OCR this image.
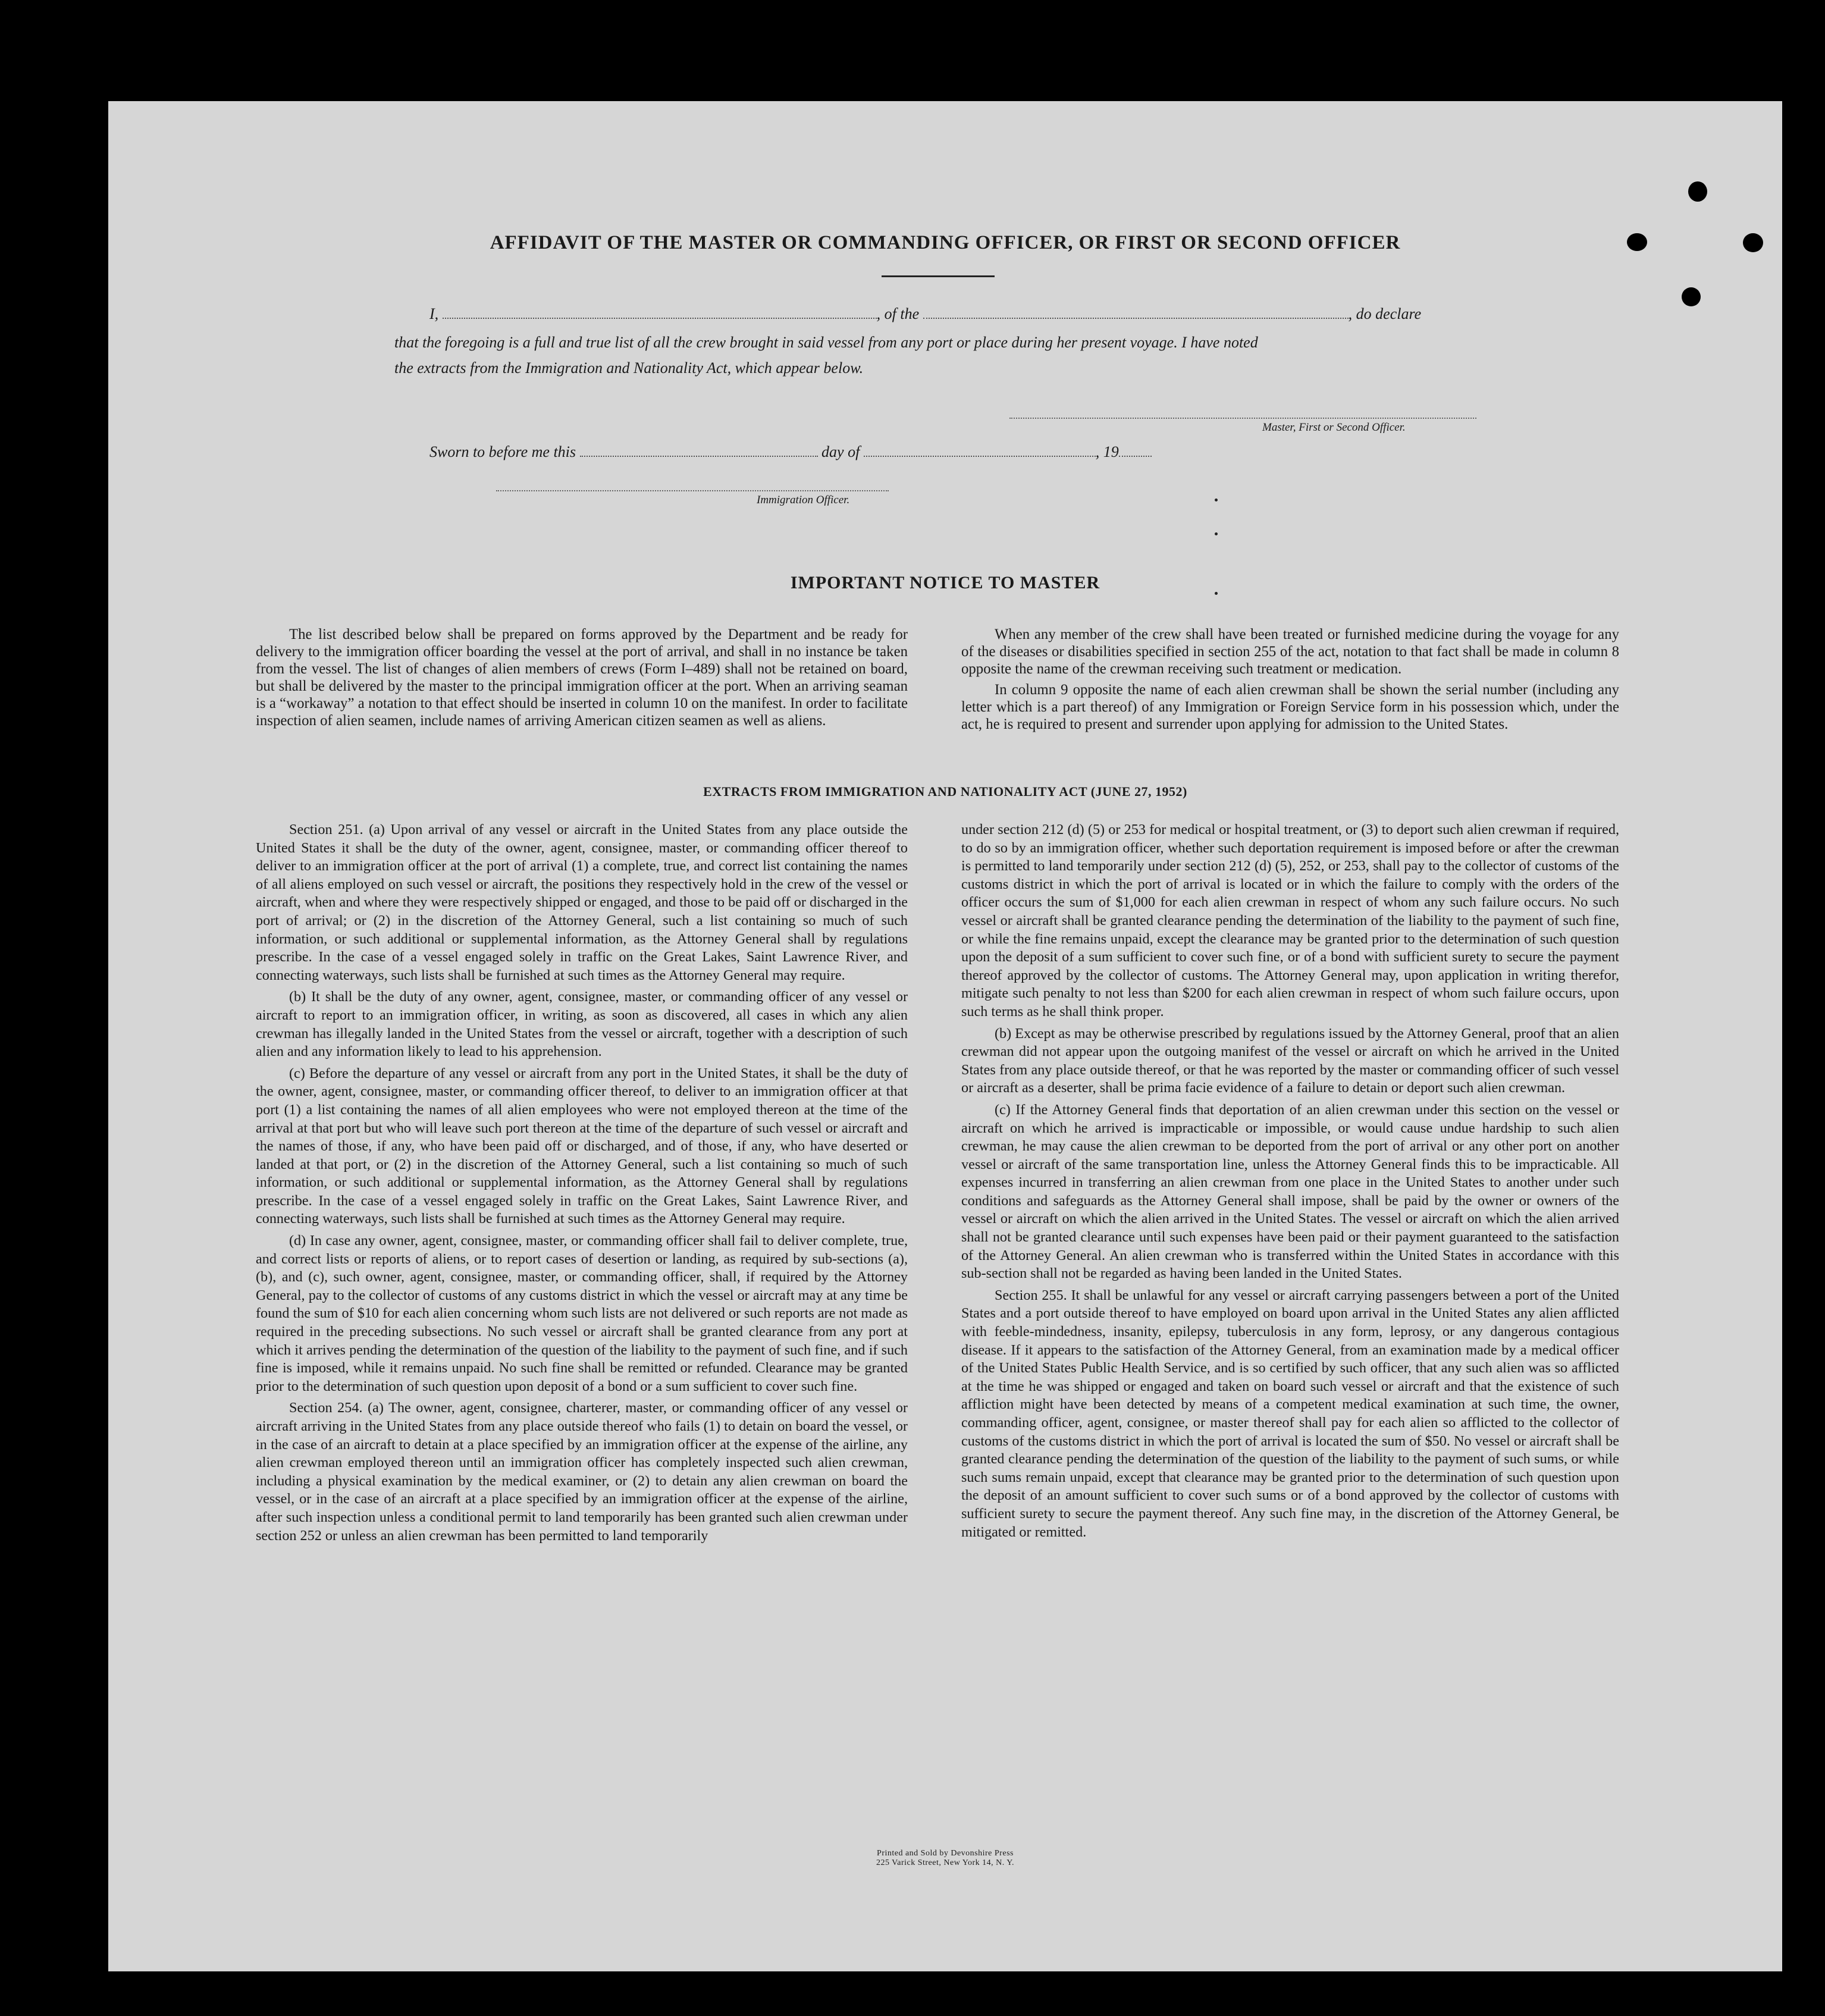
AFFIDAVIT OF THE MASTER OR COMMANDING OFFICER, OR FIRST OR SECOND OFFICER
I,	, of the	, do declare
that the foregoing is a full and true list of all the crew brought in said vessel from any port or place during her present voyage. I have noted
the extracts from the Immigration and Nationality Act, which appear below.
Master, First or Second Officer.
Sworn to before me this	day of	, 19
Immigration Officer.
IMPORTANT NOTICE TO MASTER

The list described below shall be prepared on forms approved by the Department and be ready for delivery to the immigration officer boarding the vessel at the port of arrival, and shall in no instance be taken from the vessel. The list of changes of alien members of crews (Form I–489) shall not be retained on board, but shall be delivered by the master to the principal immigration officer at the port. When an arriving seaman is a “workaway” a notation to that effect should be inserted in column 10 on the manifest. In order to facilitate inspection of alien seamen, include names of arriving American citizen seamen as well as aliens.

When any member of the crew shall have been treated or furnished medicine during the voyage for any of the diseases or disabilities specified in section 255 of the act, notation to that fact shall be made in column 8 opposite the name of the crewman receiving such treatment or medication.

In column 9 opposite the name of each alien crewman shall be shown the serial number (including any letter which is a part thereof) of any Immigration or Foreign Service form in his possession which, under the act, he is required to present and surrender upon applying for admission to the United States.

EXTRACTS FROM IMMIGRATION AND NATIONALITY ACT (JUNE 27, 1952)

Section 251. (a) Upon arrival of any vessel or aircraft in the United States from any place outside the United States it shall be the duty of the owner, agent, consignee, master, or commanding officer thereof to deliver to an immigration officer at the port of arrival (1) a complete, true, and correct list containing the names of all aliens employed on such vessel or aircraft, the positions they respectively hold in the crew of the vessel or aircraft, when and where they were respectively shipped or engaged, and those to be paid off or discharged in the port of arrival; or (2) in the discretion of the Attorney General, such a list containing so much of such information, or such additional or supplemental information, as the Attorney General shall by regulations prescribe. In the case of a vessel engaged solely in traffic on the Great Lakes, Saint Lawrence River, and connecting waterways, such lists shall be furnished at such times as the Attorney General may require.

(b) It shall be the duty of any owner, agent, consignee, master, or commanding officer of any vessel or aircraft to report to an immigration officer, in writing, as soon as discovered, all cases in which any alien crewman has illegally landed in the United States from the vessel or aircraft, together with a description of such alien and any information likely to lead to his apprehension.

(c) Before the departure of any vessel or aircraft from any port in the United States, it shall be the duty of the owner, agent, consignee, master, or commanding officer thereof, to deliver to an immigration officer at that port (1) a list containing the names of all alien employees who were not employed thereon at the time of the arrival at that port but who will leave such port thereon at the time of the departure of such vessel or aircraft and the names of those, if any, who have been paid off or discharged, and of those, if any, who have deserted or landed at that port, or (2) in the discretion of the Attorney General, such a list containing so much of such information, or such additional or supplemental information, as the Attorney General shall by regulations prescribe. In the case of a vessel engaged solely in traffic on the Great Lakes, Saint Lawrence River, and connecting waterways, such lists shall be furnished at such times as the Attorney General may require.

(d) In case any owner, agent, consignee, master, or commanding officer shall fail to deliver complete, true, and correct lists or reports of aliens, or to report cases of desertion or landing, as required by sub-sections (a), (b), and (c), such owner, agent, consignee, master, or commanding officer, shall, if required by the Attorney General, pay to the collector of customs of any customs district in which the vessel or aircraft may at any time be found the sum of $10 for each alien concerning whom such lists are not delivered or such reports are not made as required in the preceding subsections. No such vessel or aircraft shall be granted clearance from any port at which it arrives pending the determination of the question of the liability to the payment of such fine, and if such fine is imposed, while it remains unpaid. No such fine shall be remitted or refunded. Clearance may be granted prior to the determination of such question upon deposit of a bond or a sum sufficient to cover such fine.

Section 254. (a) The owner, agent, consignee, charterer, master, or commanding officer of any vessel or aircraft arriving in the United States from any place outside thereof who fails (1) to detain on board the vessel, or in the case of an aircraft to detain at a place specified by an immigration officer at the expense of the airline, any alien crewman employed thereon until an immigration officer has completely inspected such alien crewman, including a physical examination by the medical examiner, or (2) to detain any alien crewman on board the vessel, or in the case of an aircraft at a place specified by an immigration officer at the expense of the airline, after such inspection unless a conditional permit to land temporarily has been granted such alien crewman under section 252 or unless an alien crewman has been permitted to land temporarily

under section 212 (d) (5) or 253 for medical or hospital treatment, or (3) to deport such alien crewman if required, to do so by an immigration officer, whether such deportation requirement is imposed before or after the crewman is permitted to land temporarily under section 212 (d) (5), 252, or 253, shall pay to the collector of customs of the customs district in which the port of arrival is located or in which the failure to comply with the orders of the officer occurs the sum of $1,000 for each alien crewman in respect of whom any such failure occurs. No such vessel or aircraft shall be granted clearance pending the determination of the liability to the payment of such fine, or while the fine remains unpaid, except the clearance may be granted prior to the determination of such question upon the deposit of a sum sufficient to cover such fine, or of a bond with sufficient surety to secure the payment thereof approved by the collector of customs. The Attorney General may, upon application in writing therefor, mitigate such penalty to not less than $200 for each alien crewman in respect of whom such failure occurs, upon such terms as he shall think proper.

(b) Except as may be otherwise prescribed by regulations issued by the Attorney General, proof that an alien crewman did not appear upon the outgoing manifest of the vessel or aircraft on which he arrived in the United States from any place outside thereof, or that he was reported by the master or commanding officer of such vessel or aircraft as a deserter, shall be prima facie evidence of a failure to detain or deport such alien crewman.

(c) If the Attorney General finds that deportation of an alien crewman under this section on the vessel or aircraft on which he arrived is impracticable or impossible, or would cause undue hardship to such alien crewman, he may cause the alien crewman to be deported from the port of arrival or any other port on another vessel or aircraft of the same transportation line, unless the Attorney General finds this to be impracticable. All expenses incurred in transferring an alien crewman from one place in the United States to another under such conditions and safeguards as the Attorney General shall impose, shall be paid by the owner or owners of the vessel or aircraft on which the alien arrived in the United States. The vessel or aircraft on which the alien arrived shall not be granted clearance until such expenses have been paid or their payment guaranteed to the satisfaction of the Attorney General. An alien crewman who is transferred within the United States in accordance with this sub-section shall not be regarded as having been landed in the United States.

Section 255. It shall be unlawful for any vessel or aircraft carrying passengers between a port of the United States and a port outside thereof to have employed on board upon arrival in the United States any alien afflicted with feeble-mindedness, insanity, epilepsy, tuberculosis in any form, leprosy, or any dangerous contagious disease. If it appears to the satisfaction of the Attorney General, from an examination made by a medical officer of the United States Public Health Service, and is so certified by such officer, that any such alien was so afflicted at the time he was shipped or engaged and taken on board such vessel or aircraft and that the existence of such affliction might have been detected by means of a competent medical examination at such time, the owner, commanding officer, agent, consignee, or master thereof shall pay for each alien so afflicted to the collector of customs of the customs district in which the port of arrival is located the sum of $50. No vessel or aircraft shall be granted clearance pending the determination of the question of the liability to the payment of such sums, or while such sums remain unpaid, except that clearance may be granted prior to the determination of such question upon the deposit of an amount sufficient to cover such sums or of a bond approved by the collector of customs with sufficient surety to secure the payment thereof. Any such fine may, in the discretion of the Attorney General, be mitigated or remitted.

Printed and Sold by Devonshire Press
225 Varick Street, New York 14, N. Y.
